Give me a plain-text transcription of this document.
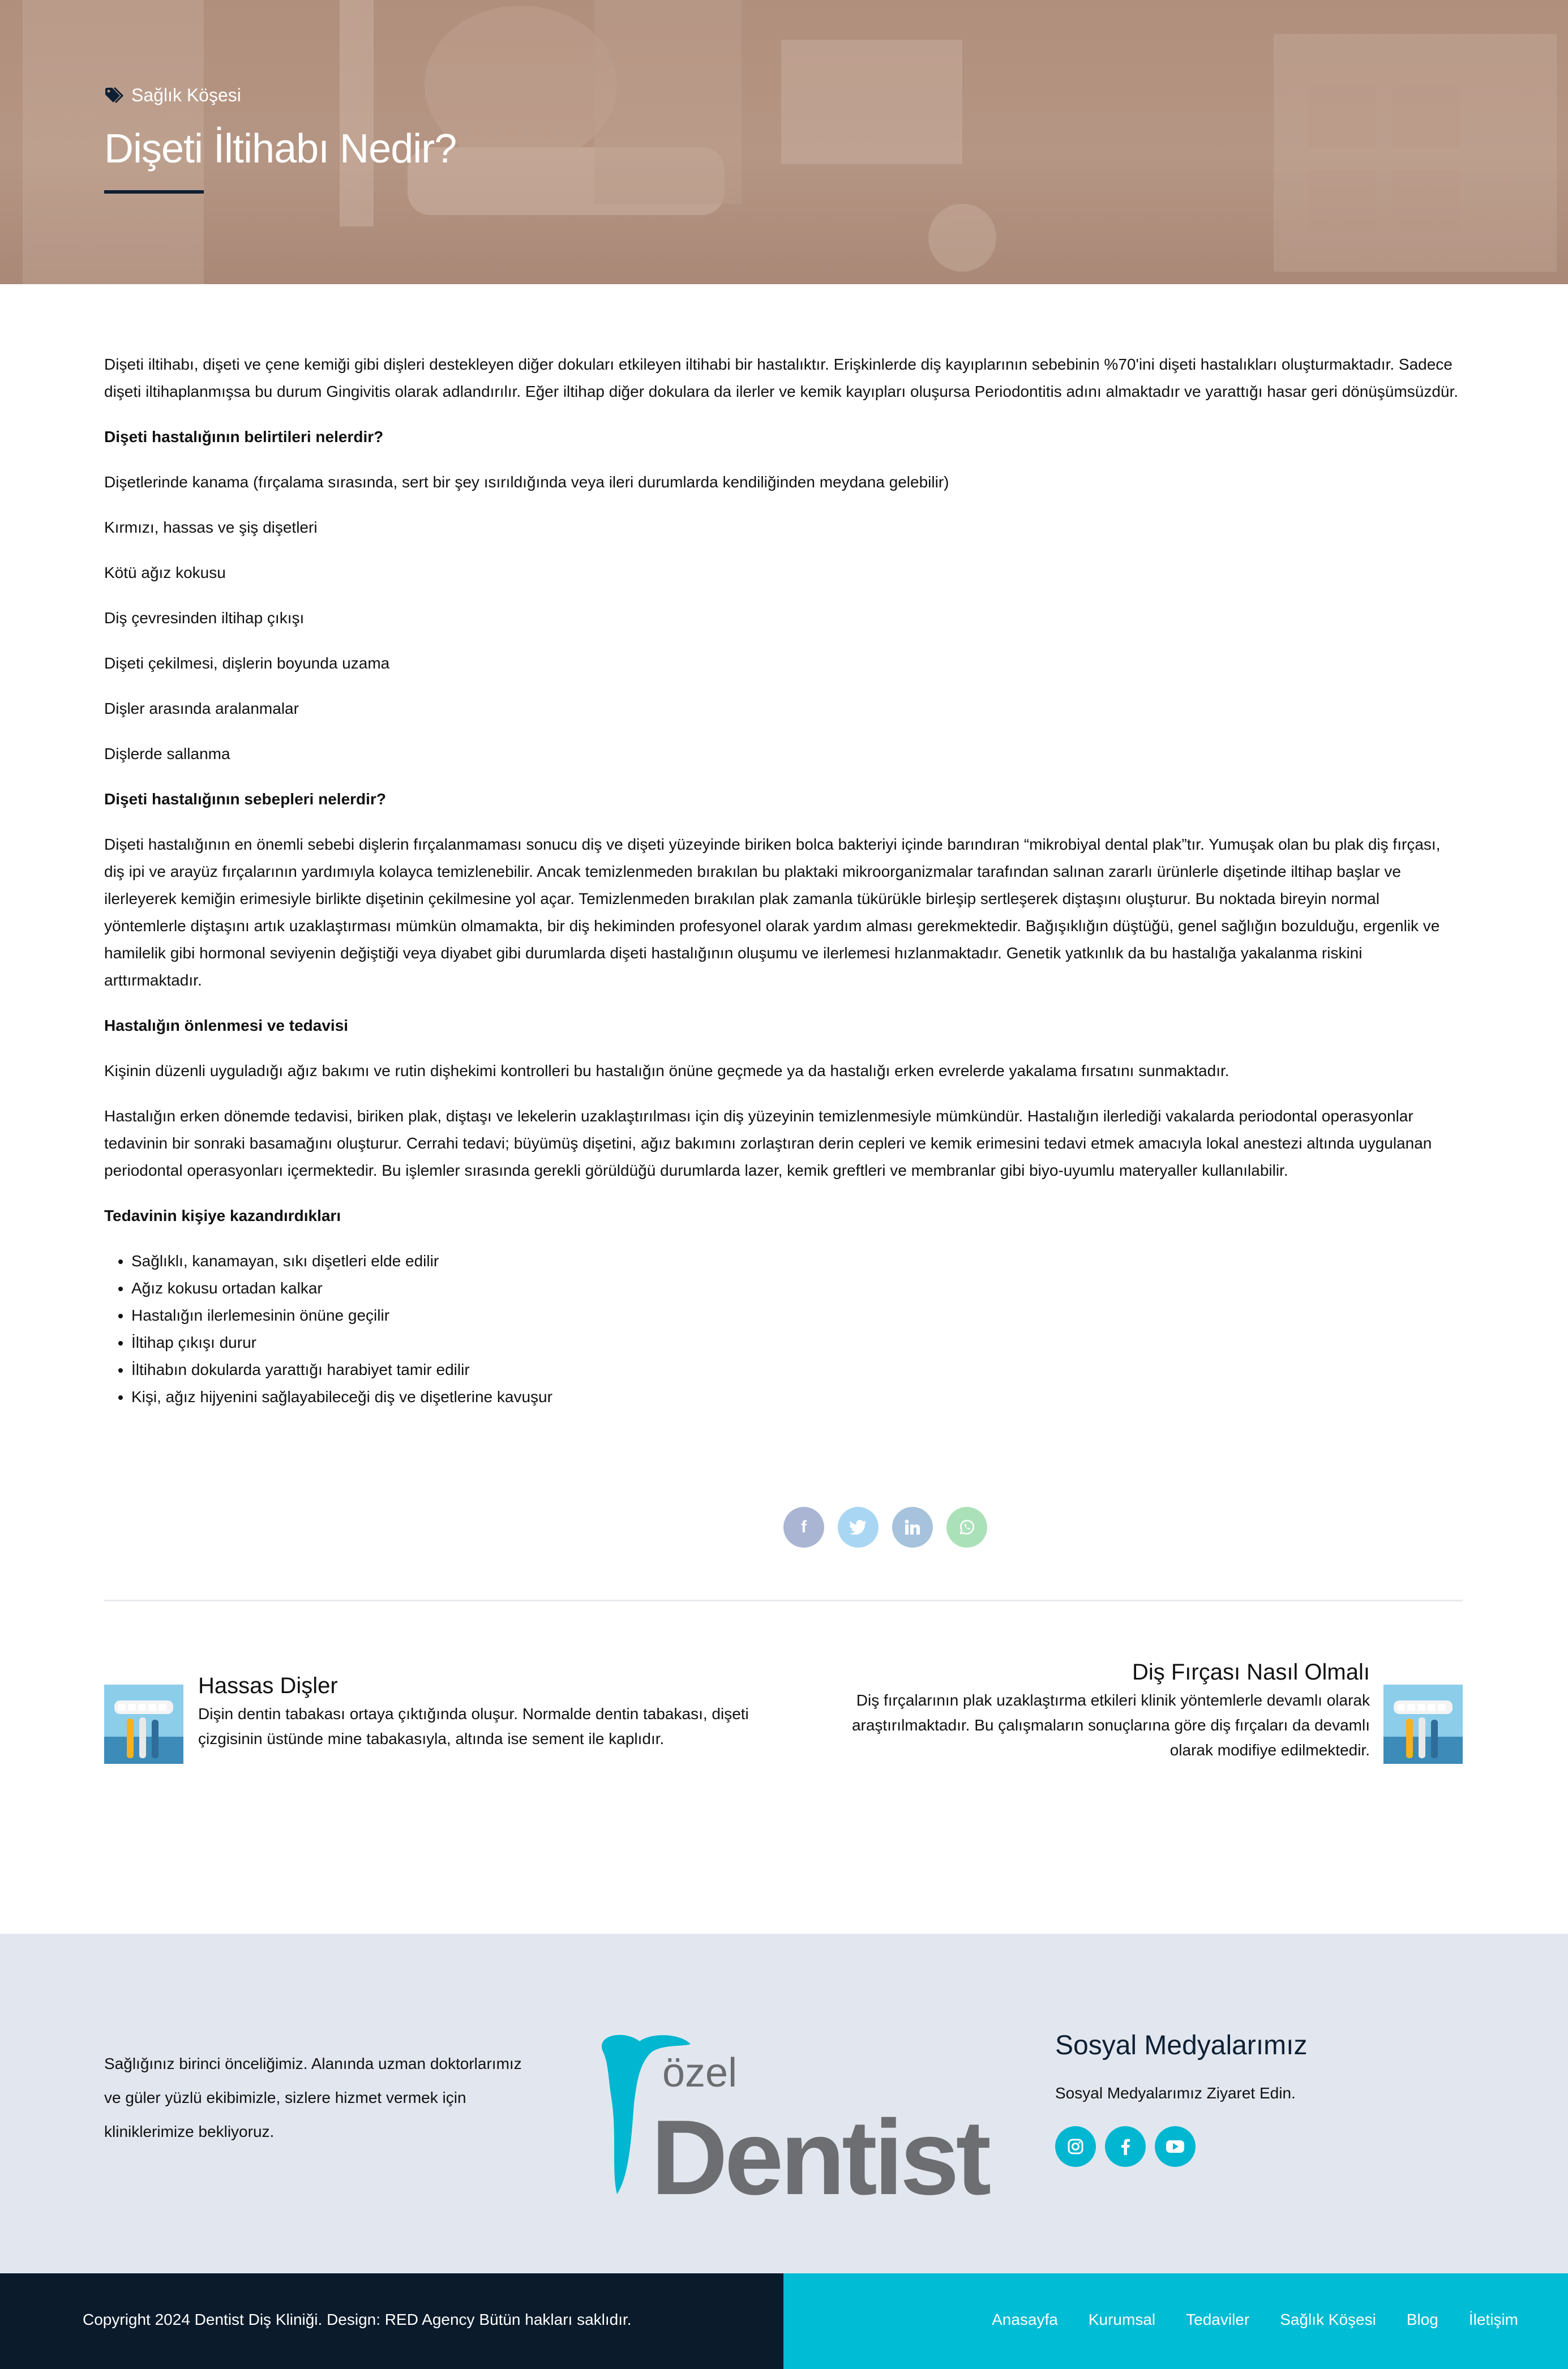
Sağlık Köşesi
Dişeti İltihabı Nedir?

Dişeti iltihabı, dişeti ve çene kemiği gibi dişleri destekleyen diğer dokuları etkileyen iltihabi bir hastalıktır. Erişkinlerde diş kayıplarının sebebinin %70'ini dişeti hastalıkları oluşturmaktadır. Sadece dişeti iltihaplanmışsa bu durum Gingivitis olarak adlandırılır. Eğer iltihap diğer dokulara da ilerler ve kemik kayıpları oluşursa Periodontitis adını almaktadır ve yarattığı hasar geri dönüşümsüzdür.

Dişeti hastalığının belirtileri nelerdir?

Dişetlerinde kanama (fırçalama sırasında, sert bir şey ısırıldığında veya ileri durumlarda kendiliğinden meydana gelebilir)

Kırmızı, hassas ve şiş dişetleri

Kötü ağız kokusu

Diş çevresinden iltihap çıkışı

Dişeti çekilmesi, dişlerin boyunda uzama

Dişler arasında aralanmalar

Dişlerde sallanma

Dişeti hastalığının sebepleri nelerdir?

Dişeti hastalığının en önemli sebebi dişlerin fırçalanmaması sonucu diş ve dişeti yüzeyinde biriken bolca bakteriyi içinde barındıran “mikrobiyal dental plak”tır. Yumuşak olan bu plak diş fırçası, diş ipi ve arayüz fırçalarının yardımıyla kolayca temizlenebilir. Ancak temizlenmeden bırakılan bu plaktaki mikroorganizmalar tarafından salınan zararlı ürünlerle dişetinde iltihap başlar ve ilerleyerek kemiğin erimesiyle birlikte dişetinin çekilmesine yol açar. Temizlenmeden bırakılan plak zamanla tükürükle birleşip sertleşerek diştaşını oluşturur. Bu noktada bireyin normal yöntemlerle diştaşını artık uzaklaştırması mümkün olmamakta, bir diş hekiminden profesyonel olarak yardım alması gerekmektedir. Bağışıklığın düştüğü, genel sağlığın bozulduğu, ergenlik ve hamilelik gibi hormonal seviyenin değiştiği veya diyabet gibi durumlarda dişeti hastalığının oluşumu ve ilerlemesi hızlanmaktadır. Genetik yatkınlık da bu hastalığa yakalanma riskini arttırmaktadır.

Hastalığın önlenmesi ve tedavisi

Kişinin düzenli uyguladığı ağız bakımı ve rutin dişhekimi kontrolleri bu hastalığın önüne geçmede ya da hastalığı erken evrelerde yakalama fırsatını sunmaktadır.

Hastalığın erken dönemde tedavisi, biriken plak, diştaşı ve lekelerin uzaklaştırılması için diş yüzeyinin temizlenmesiyle mümkündür. Hastalığın ilerlediği vakalarda periodontal operasyonlar tedavinin bir sonraki basamağını oluşturur. Cerrahi tedavi; büyümüş dişetini, ağız bakımını zorlaştıran derin cepleri ve kemik erimesini tedavi etmek amacıyla lokal anestezi altında uygulanan periodontal operasyonları içermektedir. Bu işlemler sırasında gerekli görüldüğü durumlarda lazer, kemik greftleri ve membranlar gibi biyo-uyumlu materyaller kullanılabilir.

Tedavinin kişiye kazandırdıkları

• Sağlıklı, kanamayan, sıkı dişetleri elde edilir
• Ağız kokusu ortadan kalkar
• Hastalığın ilerlemesinin önüne geçilir
• İltihap çıkışı durur
• İltihabın dokularda yarattığı harabiyet tamir edilir
• Kişi, ağız hijyenini sağlayabileceği diş ve dişetlerine kavuşur
f
Hassas Dişler
Dişin dentin tabakası ortaya çıktığında oluşur. Normalde dentin tabakası, dişeti çizgisinin üstünde mine tabakasıyla, altında ise sement ile kaplıdır.
Diş Fırçası Nasıl Olmalı
Diş fırçalarının plak uzaklaştırma etkileri klinik yöntemlerle devamlı olarak araştırılmaktadır. Bu çalışmaların sonuçlarına göre diş fırçaları da devamlı olarak modifiye edilmektedir.
Sağlığınız birinci önceliğimiz. Alanında uzman doktorlarımız ve güler yüzlü ekibimizle, sizlere hizmet vermek için kliniklerimize bekliyoruz.
özel
Dentist
Sosyal Medyalarımız
Sosyal Medyalarımız Ziyaret Edin.
Copyright 2024 Dentist Diş Kliniği. Design: RED Agency Bütün hakları saklıdır.	Anasayfa Kurumsal Tedaviler Sağlık Köşesi Blog İletişim
